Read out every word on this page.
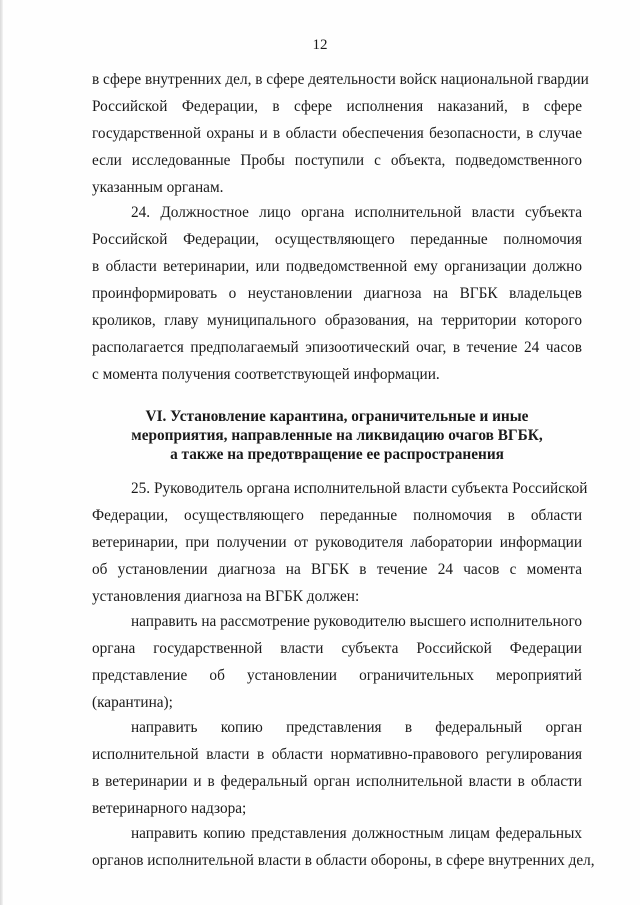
12
в сфере внутренних дел, в сфере деятельности войск национальной гвардии
Российской Федерации, в сфере исполнения наказаний, в сфере
государственной охраны и в области обеспечения безопасности, в случае
если исследованные Пробы поступили с объекта, подведомственного
указанным органам.
24. Должностное лицо органа исполнительной власти субъекта
Российской Федерации, осуществляющего переданные полномочия
в области ветеринарии, или подведомственной ему организации должно
проинформировать о неустановлении диагноза на ВГБК владельцев
кроликов, главу муниципального образования, на территории которого
располагается предполагаемый эпизоотический очаг, в течение 24 часов
с момента получения соответствующей информации.
VI. Установление карантина, ограничительные и иные
мероприятия, направленные на ликвидацию очагов ВГБК,
а также на предотвращение ее распространения
25. Руководитель органа исполнительной власти субъекта Российской
Федерации, осуществляющего переданные полномочия в области
ветеринарии, при получении от руководителя лаборатории информации
об установлении диагноза на ВГБК в течение 24 часов с момента
установления диагноза на ВГБК должен:
направить на рассмотрение руководителю высшего исполнительного
органа государственной власти субъекта Российской Федерации
представление об установлении ограничительных мероприятий
(карантина);
направить копию представления в федеральный орган
исполнительной власти в области нормативно-правового регулирования
в ветеринарии и в федеральный орган исполнительной власти в области
ветеринарного надзора;
направить копию представления должностным лицам федеральных
органов исполнительной власти в области обороны, в сфере внутренних дел,
